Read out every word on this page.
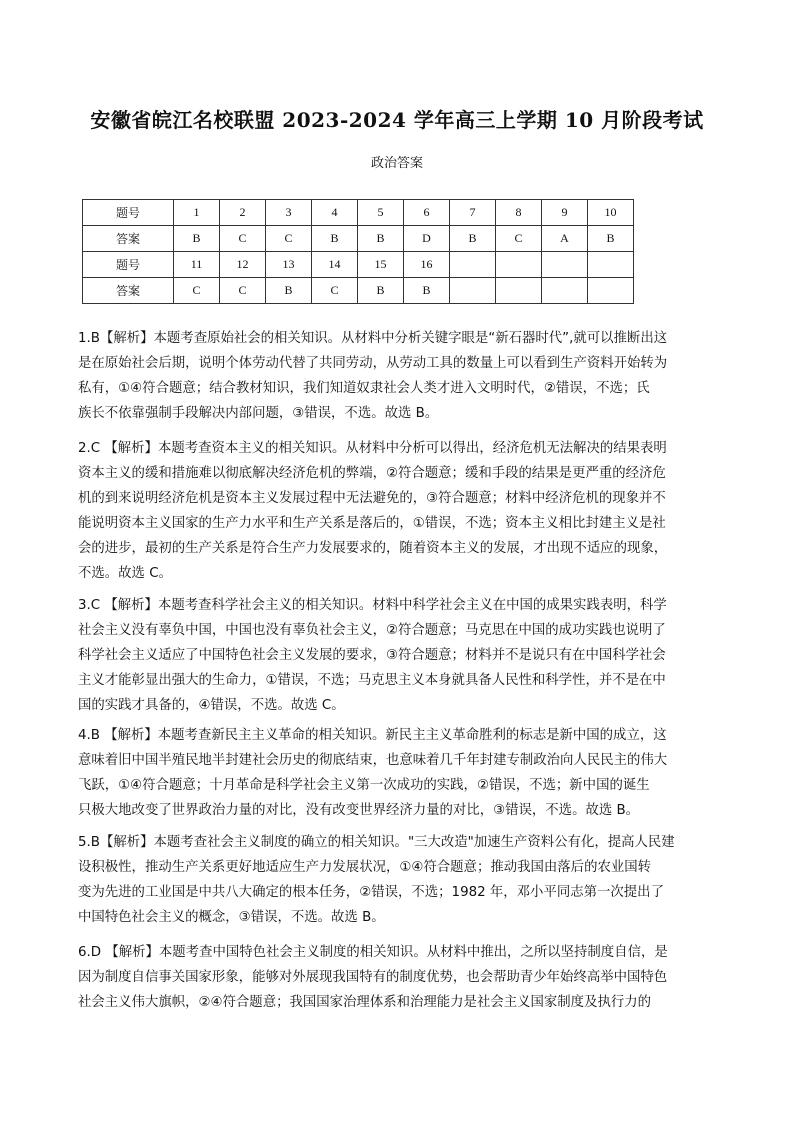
安徽省皖江名校联盟 2023-2024 学年高三上学期 10 月阶段考试
政治答案
题号	1	2	3	4	5	6	7	8	9	10
答案	B	C	C	B	B	D	B	C	A	B
题号	11	12	13	14	15	16				
答案	C	C	B	C	B	B				
1.B【解析】本题考查原始社会的相关知识。从材料中分析关键字眼是“新石器时代”,就可以推断出这
是在原始社会后期，说明个体劳动代替了共同劳动，从劳动工具的数量上可以看到生产资料开始转为
私有，①④符合题意；结合教材知识，我们知道奴隶社会人类才进入文明时代，②错误，不选；氏
族长不依靠强制手段解决内部问题，③错误，不选。故选 B。
2.C 【解析】本题考查资本主义的相关知识。从材料中分析可以得出，经济危机无法解决的结果表明
资本主义的缓和措施难以彻底解决经济危机的弊端，②符合题意；缓和手段的结果是更严重的经济危
机的到来说明经济危机是资本主义发展过程中无法避免的，③符合题意；材料中经济危机的现象并不
能说明资本主义国家的生产力水平和生产关系是落后的，①错误，不选；资本主义相比封建主义是社
会的进步，最初的生产关系是符合生产力发展要求的，随着资本主义的发展，才出现不适应的现象，
不选。故选 C。
3.C 【解析】本题考查科学社会主义的相关知识。材料中科学社会主义在中国的成果实践表明，科学
社会主义没有辜负中国，中国也没有辜负社会主义，②符合题意；马克思在中国的成功实践也说明了
科学社会主义适应了中国特色社会主义发展的要求，③符合题意；材料并不是说只有在中国科学社会
主义才能彰显出强大的生命力，①错误，不选；马克思主义本身就具备人民性和科学性，并不是在中
国的实践才具备的，④错误，不选。故选 C。
4.B 【解析】本题考查新民主主义革命的相关知识。新民主主义革命胜利的标志是新中国的成立，这
意味着旧中国半殖民地半封建社会历史的彻底结束，也意味着几千年封建专制政治向人民民主的伟大
飞跃，①④符合题意；十月革命是科学社会主义第一次成功的实践，②错误，不选；新中国的诞生
只极大地改变了世界政治力量的对比，没有改变世界经济力量的对比，③错误，不选。故选 B。
5.B【解析】本题考查社会主义制度的确立的相关知识。"三大改造"加速生产资料公有化，提高人民建
设积极性，推动生产关系更好地适应生产力发展状况，①④符合题意；推动我国由落后的农业国转
变为先进的工业国是中共八大确定的根本任务，②错误，不选；1982 年，邓小平同志第一次提出了
中国特色社会主义的概念，③错误，不选。故选 B。
6.D 【解析】本题考查中国特色社会主义制度的相关知识。从材料中推出，之所以坚持制度自信，是
因为制度自信事关国家形象，能够对外展现我国特有的制度优势，也会帮助青少年始终高举中国特色
社会主义伟大旗帜，②④符合题意；我国国家治理体系和治理能力是社会主义国家制度及执行力的
